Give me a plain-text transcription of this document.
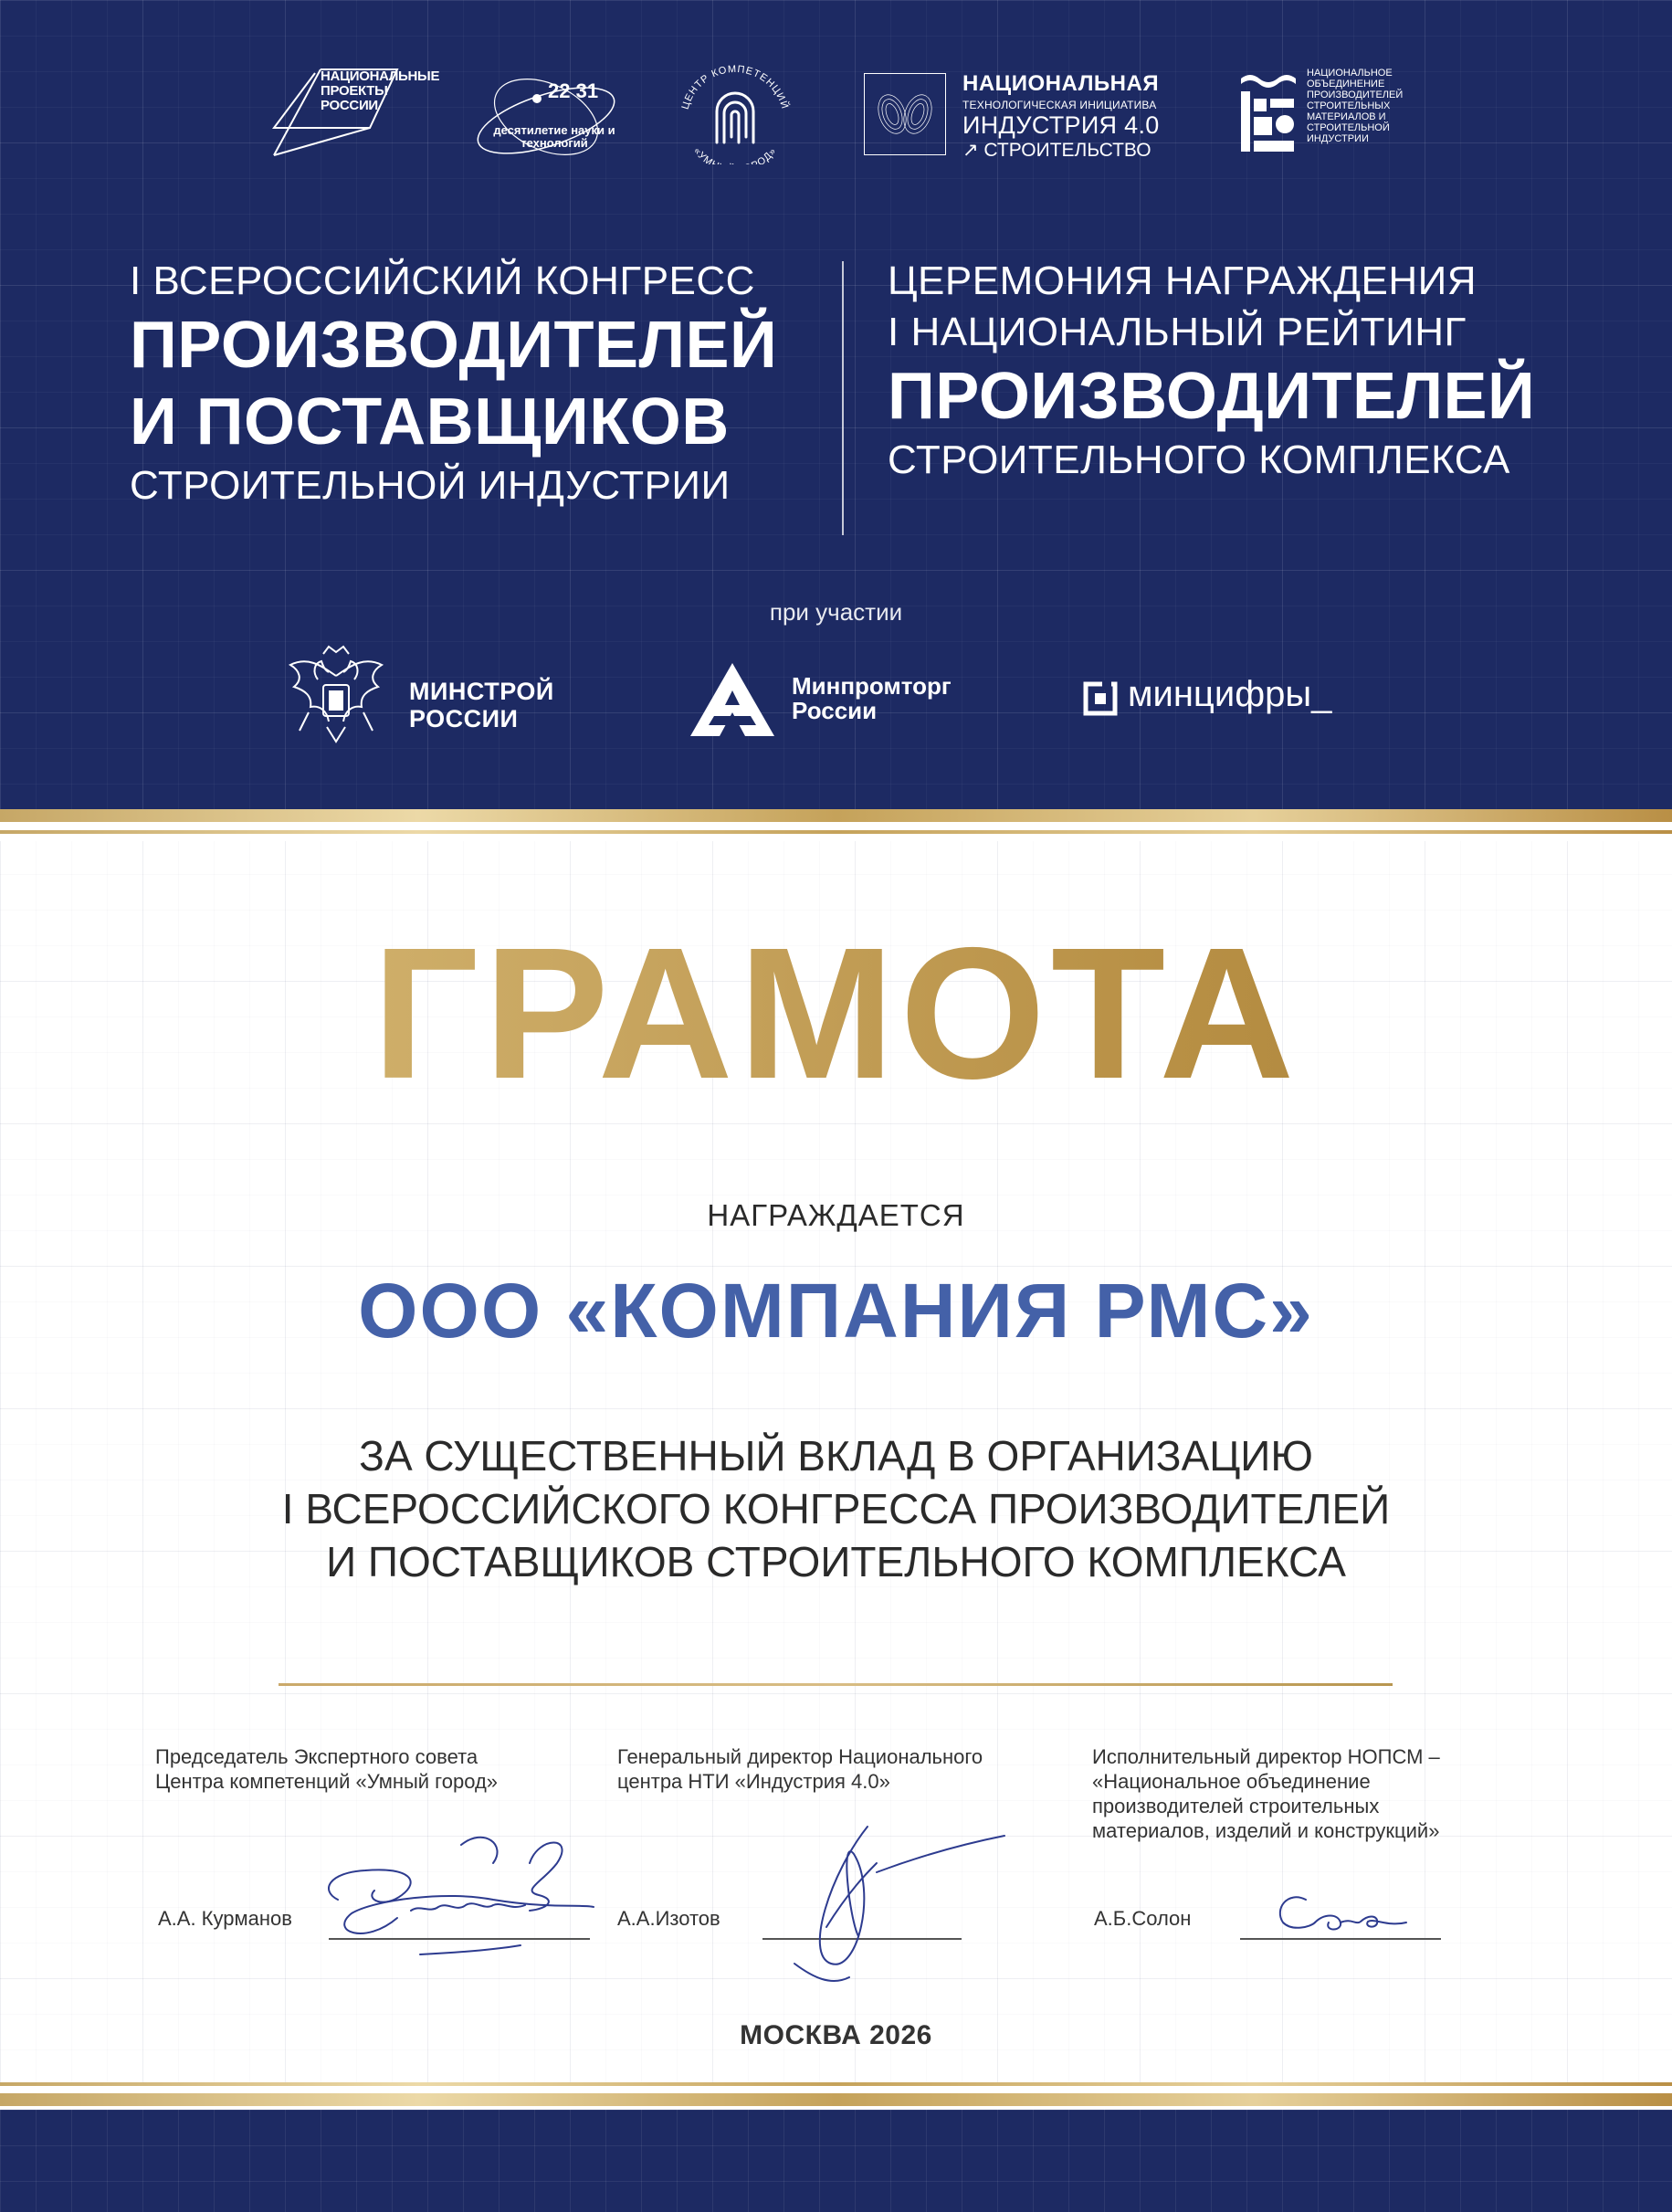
НАЦИОНАЛЬНЫЕ ПРОЕКТЫ РОССИИ
22 31
десятилетие науки и технологий
ЦЕНТР КОМПЕТЕНЦИЙ
«УМ ОД»
НАЦИОНАЛЬНАЯ
ТЕХНОЛОГИЧЕСКАЯ ИНИЦИАТИВА
ИНДУСТРИЯ 4.0
↗ СТРОИТЕЛЬСТВО
НАЦИОНАЛЬНОЕ ОБЪЕДИНЕНИЕ ПРОИЗВОДИТЕЛЕЙ СТРОИТЕЛЬНЫХ МАТЕРИАЛОВ И СТРОИТЕЛЬНОЙ ИНДУСТРИИ
I ВСЕРОССИЙСКИЙ КОНГРЕСС
ПРОИЗВОДИТЕЛЕЙ
И ПОСТАВЩИКОВ
СТРОИТЕЛЬНОЙ ИНДУСТРИИ
ЦЕРЕМОНИЯ НАГРАЖДЕНИЯ
I НАЦИОНАЛЬНЫЙ РЕЙТИНГ
ПРОИЗВОДИТЕЛЕЙ
СТРОИТЕЛЬНОГО КОМПЛЕКСА
при участии
МИНСТРОЙ
РОССИИ
Минпромторг
России	минцифры_
ГРАМОТА
НАГРАЖДАЕТСЯ
ООО «КОМПАНИЯ РМС»
ЗА СУЩЕСТВЕННЫЙ ВКЛАД В ОРГАНИЗАЦИЮ
I ВСЕРОССИЙСКОГО КОНГРЕССА ПРОИЗВОДИТЕЛЕЙ
И ПОСТАВЩИКОВ СТРОИТЕЛЬНОГО КОМПЛЕКСА
Председатель Экспертного совета
Центра компетенций «Умный город»
Генеральный директор Национального
центра НТИ «Индустрия 4.0»
Исполнительный директор НОПСМ –
«Национальное объединение
производителей строительных
материалов, изделий и конструкций»
А.А. Курманов	А.А.Изотов	А.Б.Солон
МОСКВА 2026
